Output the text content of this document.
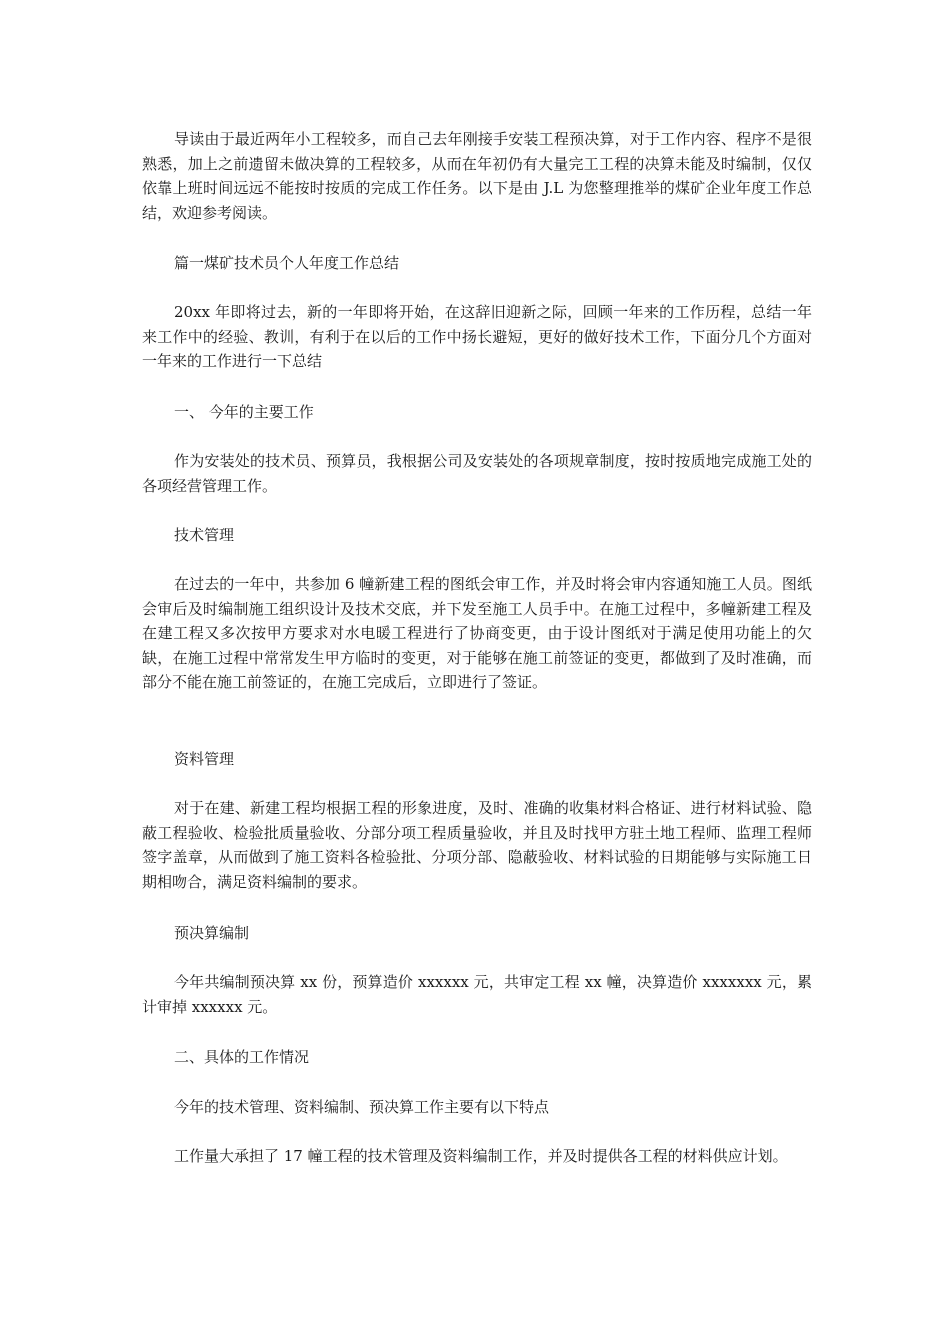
导读由于最近两年小工程较多，而自己去年刚接手安装工程预决算，对于工作内容、程序不是很熟悉，加上之前遗留未做决算的工程较多，从而在年初仍有大量完工工程的决算未能及时编制，仅仅依靠上班时间远远不能按时按质的完成工作任务。以下是由 J.L 为您整理推举的煤矿企业年度工作总结，欢迎参考阅读。

篇一煤矿技术员个人年度工作总结

20xx 年即将过去，新的一年即将开始，在这辞旧迎新之际，回顾一年来的工作历程，总结一年来工作中的经验、教训，有利于在以后的工作中扬长避短，更好的做好技术工作，下面分几个方面对一年来的工作进行一下总结

一、 今年的主要工作

作为安装处的技术员、预算员，我根据公司及安装处的各项规章制度，按时按质地完成施工处的各项经营管理工作。

技术管理

在过去的一年中，共参加 6 幢新建工程的图纸会审工作，并及时将会审内容通知施工人员。图纸会审后及时编制施工组织设计及技术交底，并下发至施工人员手中。在施工过程中，多幢新建工程及在建工程又多次按甲方要求对水电暖工程进行了协商变更，由于设计图纸对于满足使用功能上的欠缺，在施工过程中常常发生甲方临时的变更，对于能够在施工前签证的变更，都做到了及时准确，而部分不能在施工前签证的，在施工完成后，立即进行了签证。

资料管理

对于在建、新建工程均根据工程的形象进度，及时、准确的收集材料合格证、进行材料试验、隐蔽工程验收、检验批质量验收、分部分项工程质量验收，并且及时找甲方驻土地工程师、监理工程师签字盖章，从而做到了施工资料各检验批、分项分部、隐蔽验收、材料试验的日期能够与实际施工日期相吻合，满足资料编制的要求。

预决算编制

今年共编制预决算 xx 份，预算造价 xxxxxx 元，共审定工程 xx 幢，决算造价 xxxxxxx 元，累计审掉 xxxxxx 元。

二、具体的工作情况

今年的技术管理、资料编制、预决算工作主要有以下特点

工作量大承担了 17 幢工程的技术管理及资料编制工作，并及时提供各工程的材料供应计划。
